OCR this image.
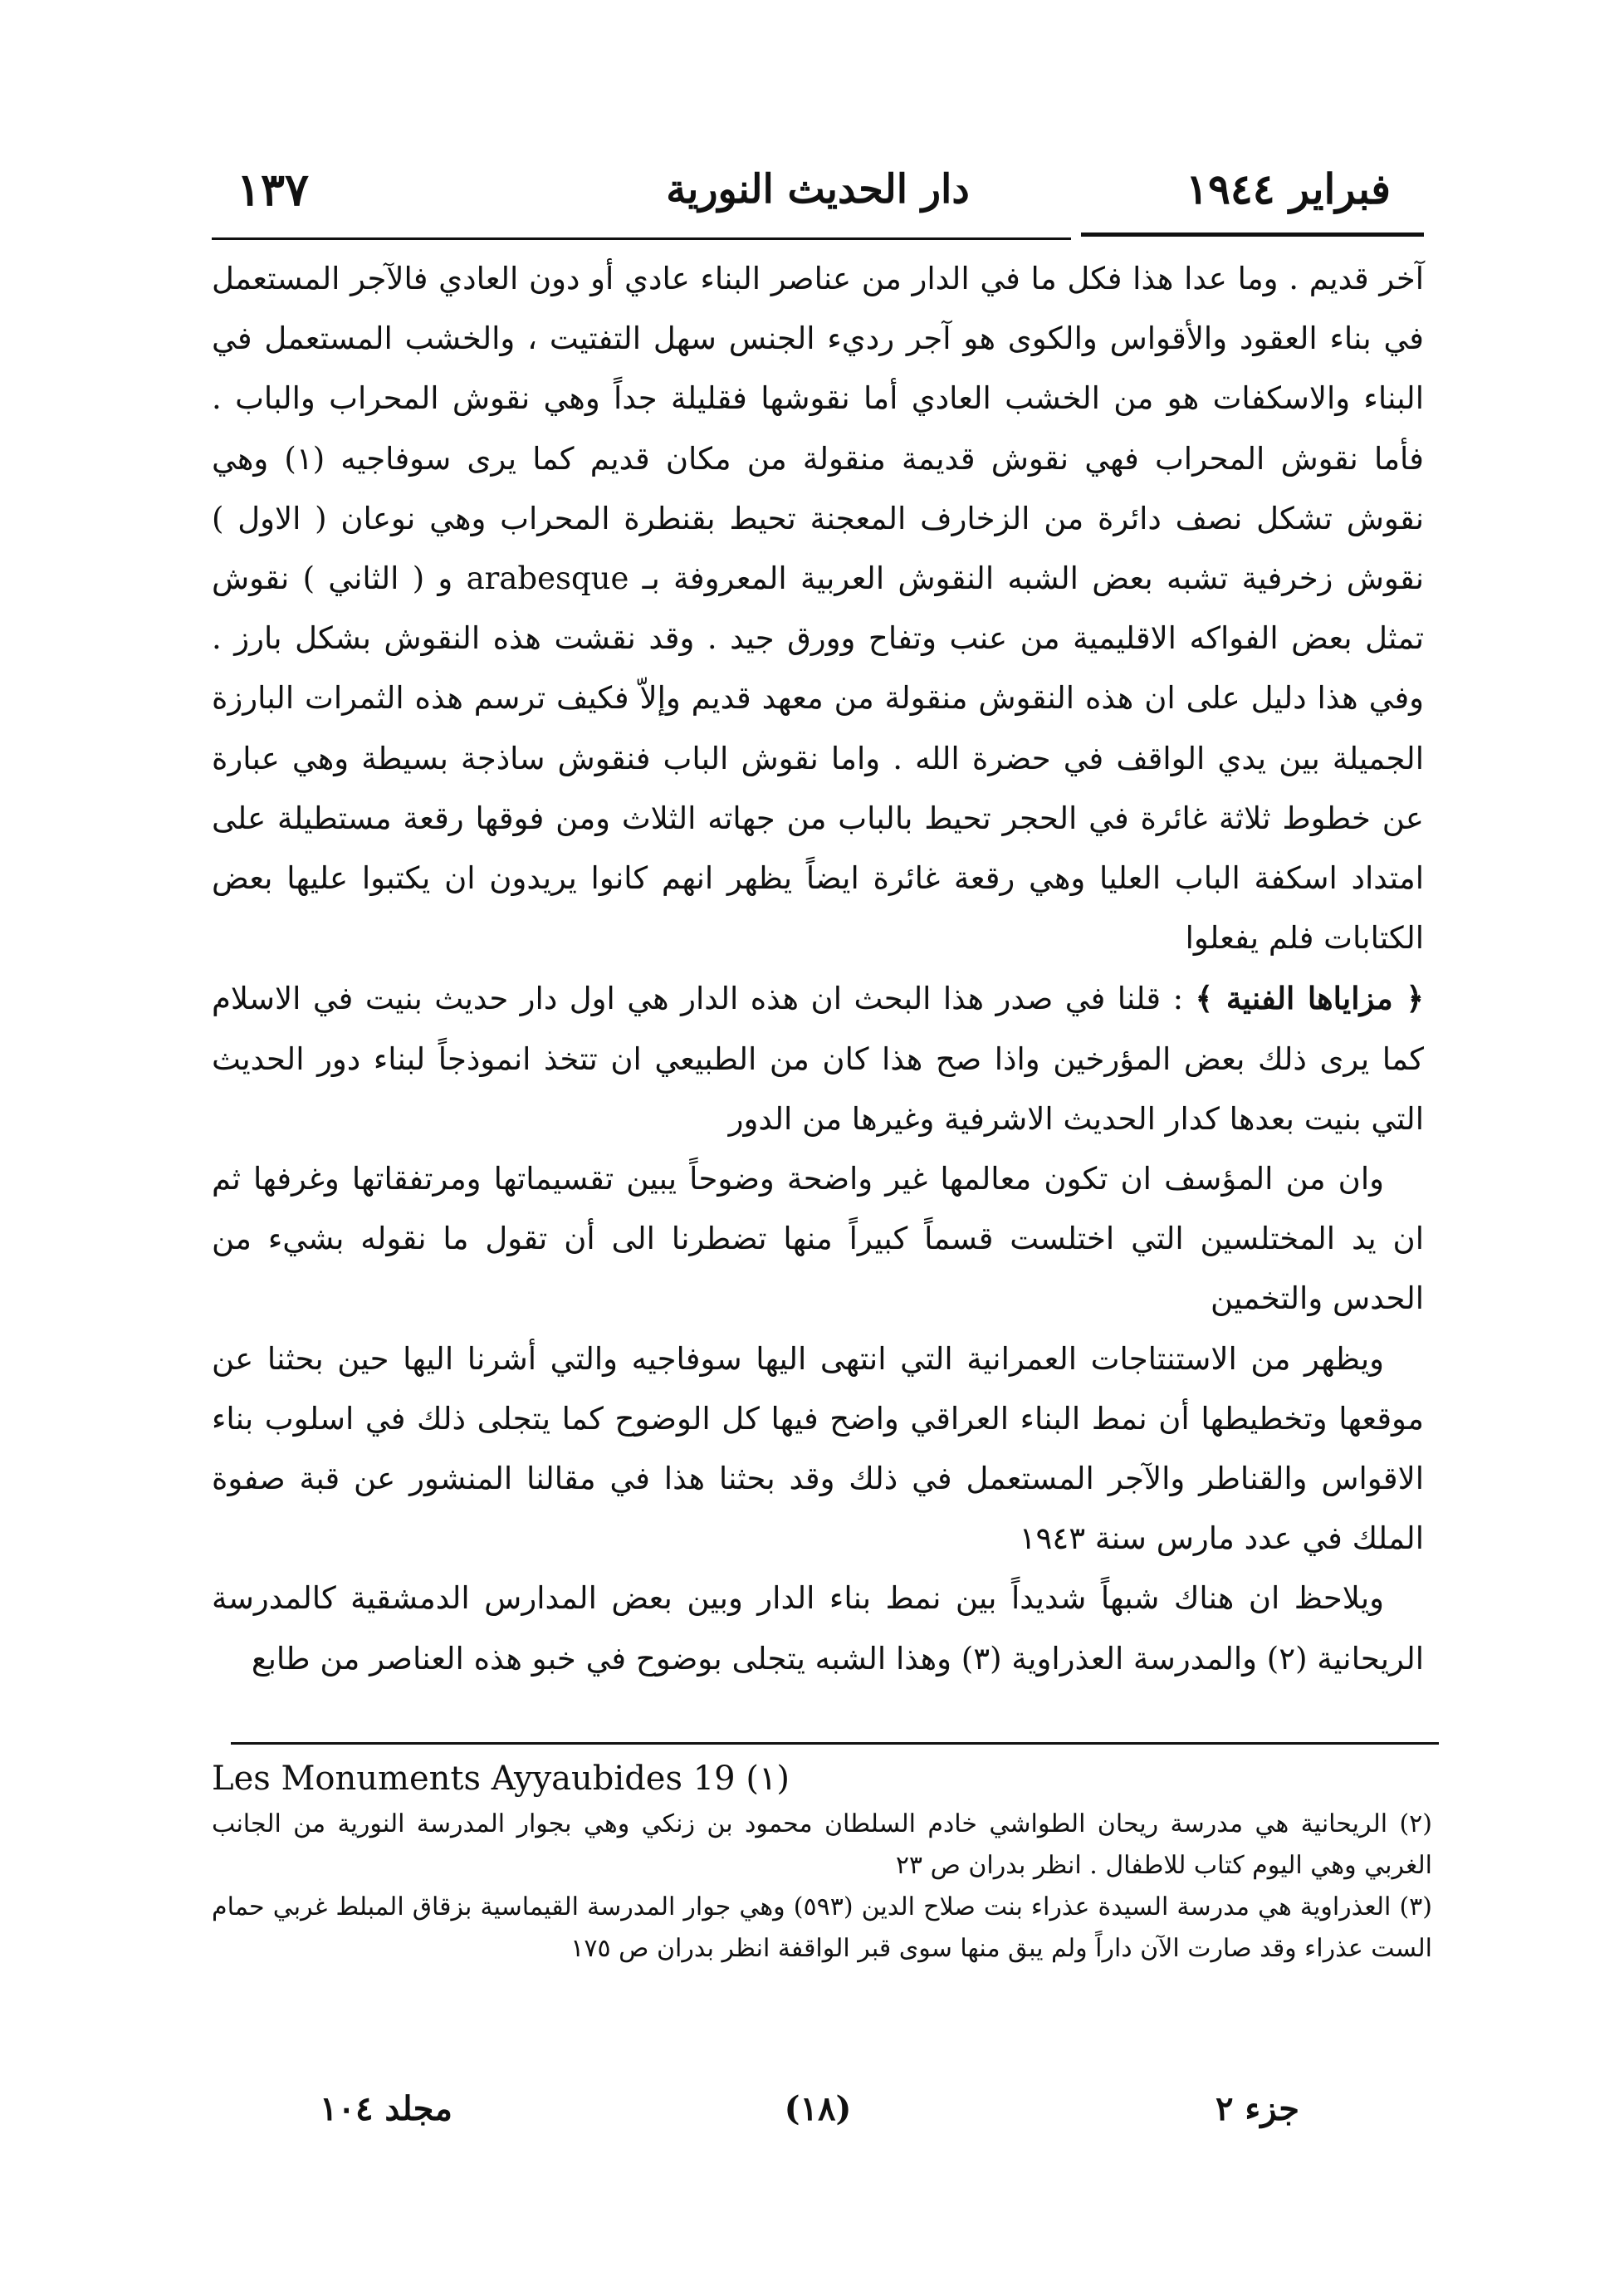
فبراير ١٩٤٤
دار الحديث النورية
١٣٧

آخر قديم . وما عدا هذا فكل ما في الدار من عناصر البناء عادي أو دون العادي فالآجر المستعمل في بناء العقود والأقواس والكوى هو آجر رديء الجنس سهل التفتيت ، والخشب المستعمل في البناء والاسكفات هو من الخشب العادي أما نقوشها فقليلة جداً وهي نقوش المحراب والباب . فأما نقوش المحراب فهي نقوش قديمة منقولة من مكان قديم كما يرى سوفاجيه (١) وهي نقوش تشكل نصف دائرة من الزخارف المعجنة تحيط بقنطرة المحراب وهي نوعان ( الاول ) نقوش زخرفية تشبه بعض الشبه النقوش العربية المعروفة بـ arabesque و ( الثاني ) نقوش تمثل بعض الفواكه الاقليمية من عنب وتفاح وورق جيد . وقد نقشت هذه النقوش بشكل بارز . وفي هذا دليل على ان هذه النقوش منقولة من معهد قديم وإلاّ فكيف ترسم هذه الثمرات البارزة الجميلة بين يدي الواقف في حضرة الله . واما نقوش الباب فنقوش ساذجة بسيطة وهي عبارة عن خطوط ثلاثة غائرة في الحجر تحيط بالباب من جهاته الثلاث ومن فوقها رقعة مستطيلة على امتداد اسكفة الباب العليا وهي رقعة غائرة ايضاً يظهر انهم كانوا يريدون ان يكتبوا عليها بعض الكتابات فلم يفعلوا

﴿ مزاياها الفنية ﴾ : قلنا في صدر هذا البحث ان هذه الدار هي اول دار حديث بنيت في الاسلام كما يرى ذلك بعض المؤرخين واذا صح هذا كان من الطبيعي ان تتخذ انموذجاً لبناء دور الحديث التي بنيت بعدها كدار الحديث الاشرفية وغيرها من الدور

وان من المؤسف ان تكون معالمها غير واضحة وضوحاً يبين تقسيماتها ومرتفقاتها وغرفها ثم ان يد المختلسين التي اختلست قسماً كبيراً منها تضطرنا الى أن تقول ما نقوله بشيء من الحدس والتخمين

ويظهر من الاستنتاجات العمرانية التي انتهى اليها سوفاجيه والتي أشرنا اليها حين بحثنا عن موقعها وتخطيطها أن نمط البناء العراقي واضح فيها كل الوضوح كما يتجلى ذلك في اسلوب بناء الاقواس والقناطر والآجر المستعمل في ذلك وقد بحثنا هذا في مقالنا المنشور عن قبة صفوة الملك في عدد مارس سنة ١٩٤٣

ويلاحظ ان هناك شبهاً شديداً بين نمط بناء الدار وبين بعض المدارس الدمشقية كالمدرسة الريحانية (٢) والمدرسة العذراوية (٣) وهذا الشبه يتجلى بوضوح في خبو هذه العناصر من طابع

Les Monuments Ayyaubides 19 (١)

(٢) الريحانية هي مدرسة ريحان الطواشي خادم السلطان محمود بن زنكي وهي بجوار المدرسة النورية من الجانب الغربي وهي اليوم كتاب للاطفال . انظر بدران ص ٢٣

(٣) العذراوية هي مدرسة السيدة عذراء بنت صلاح الدين (٥٩٣) وهي جوار المدرسة القيماسية بزقاق المبلط غربي حمام الست عذراء وقد صارت الآن داراً ولم يبق منها سوى قبر الواقفة انظر بدران ص ١٧٥

جزء ٢
(١٨)
مجلد ١٠٤
